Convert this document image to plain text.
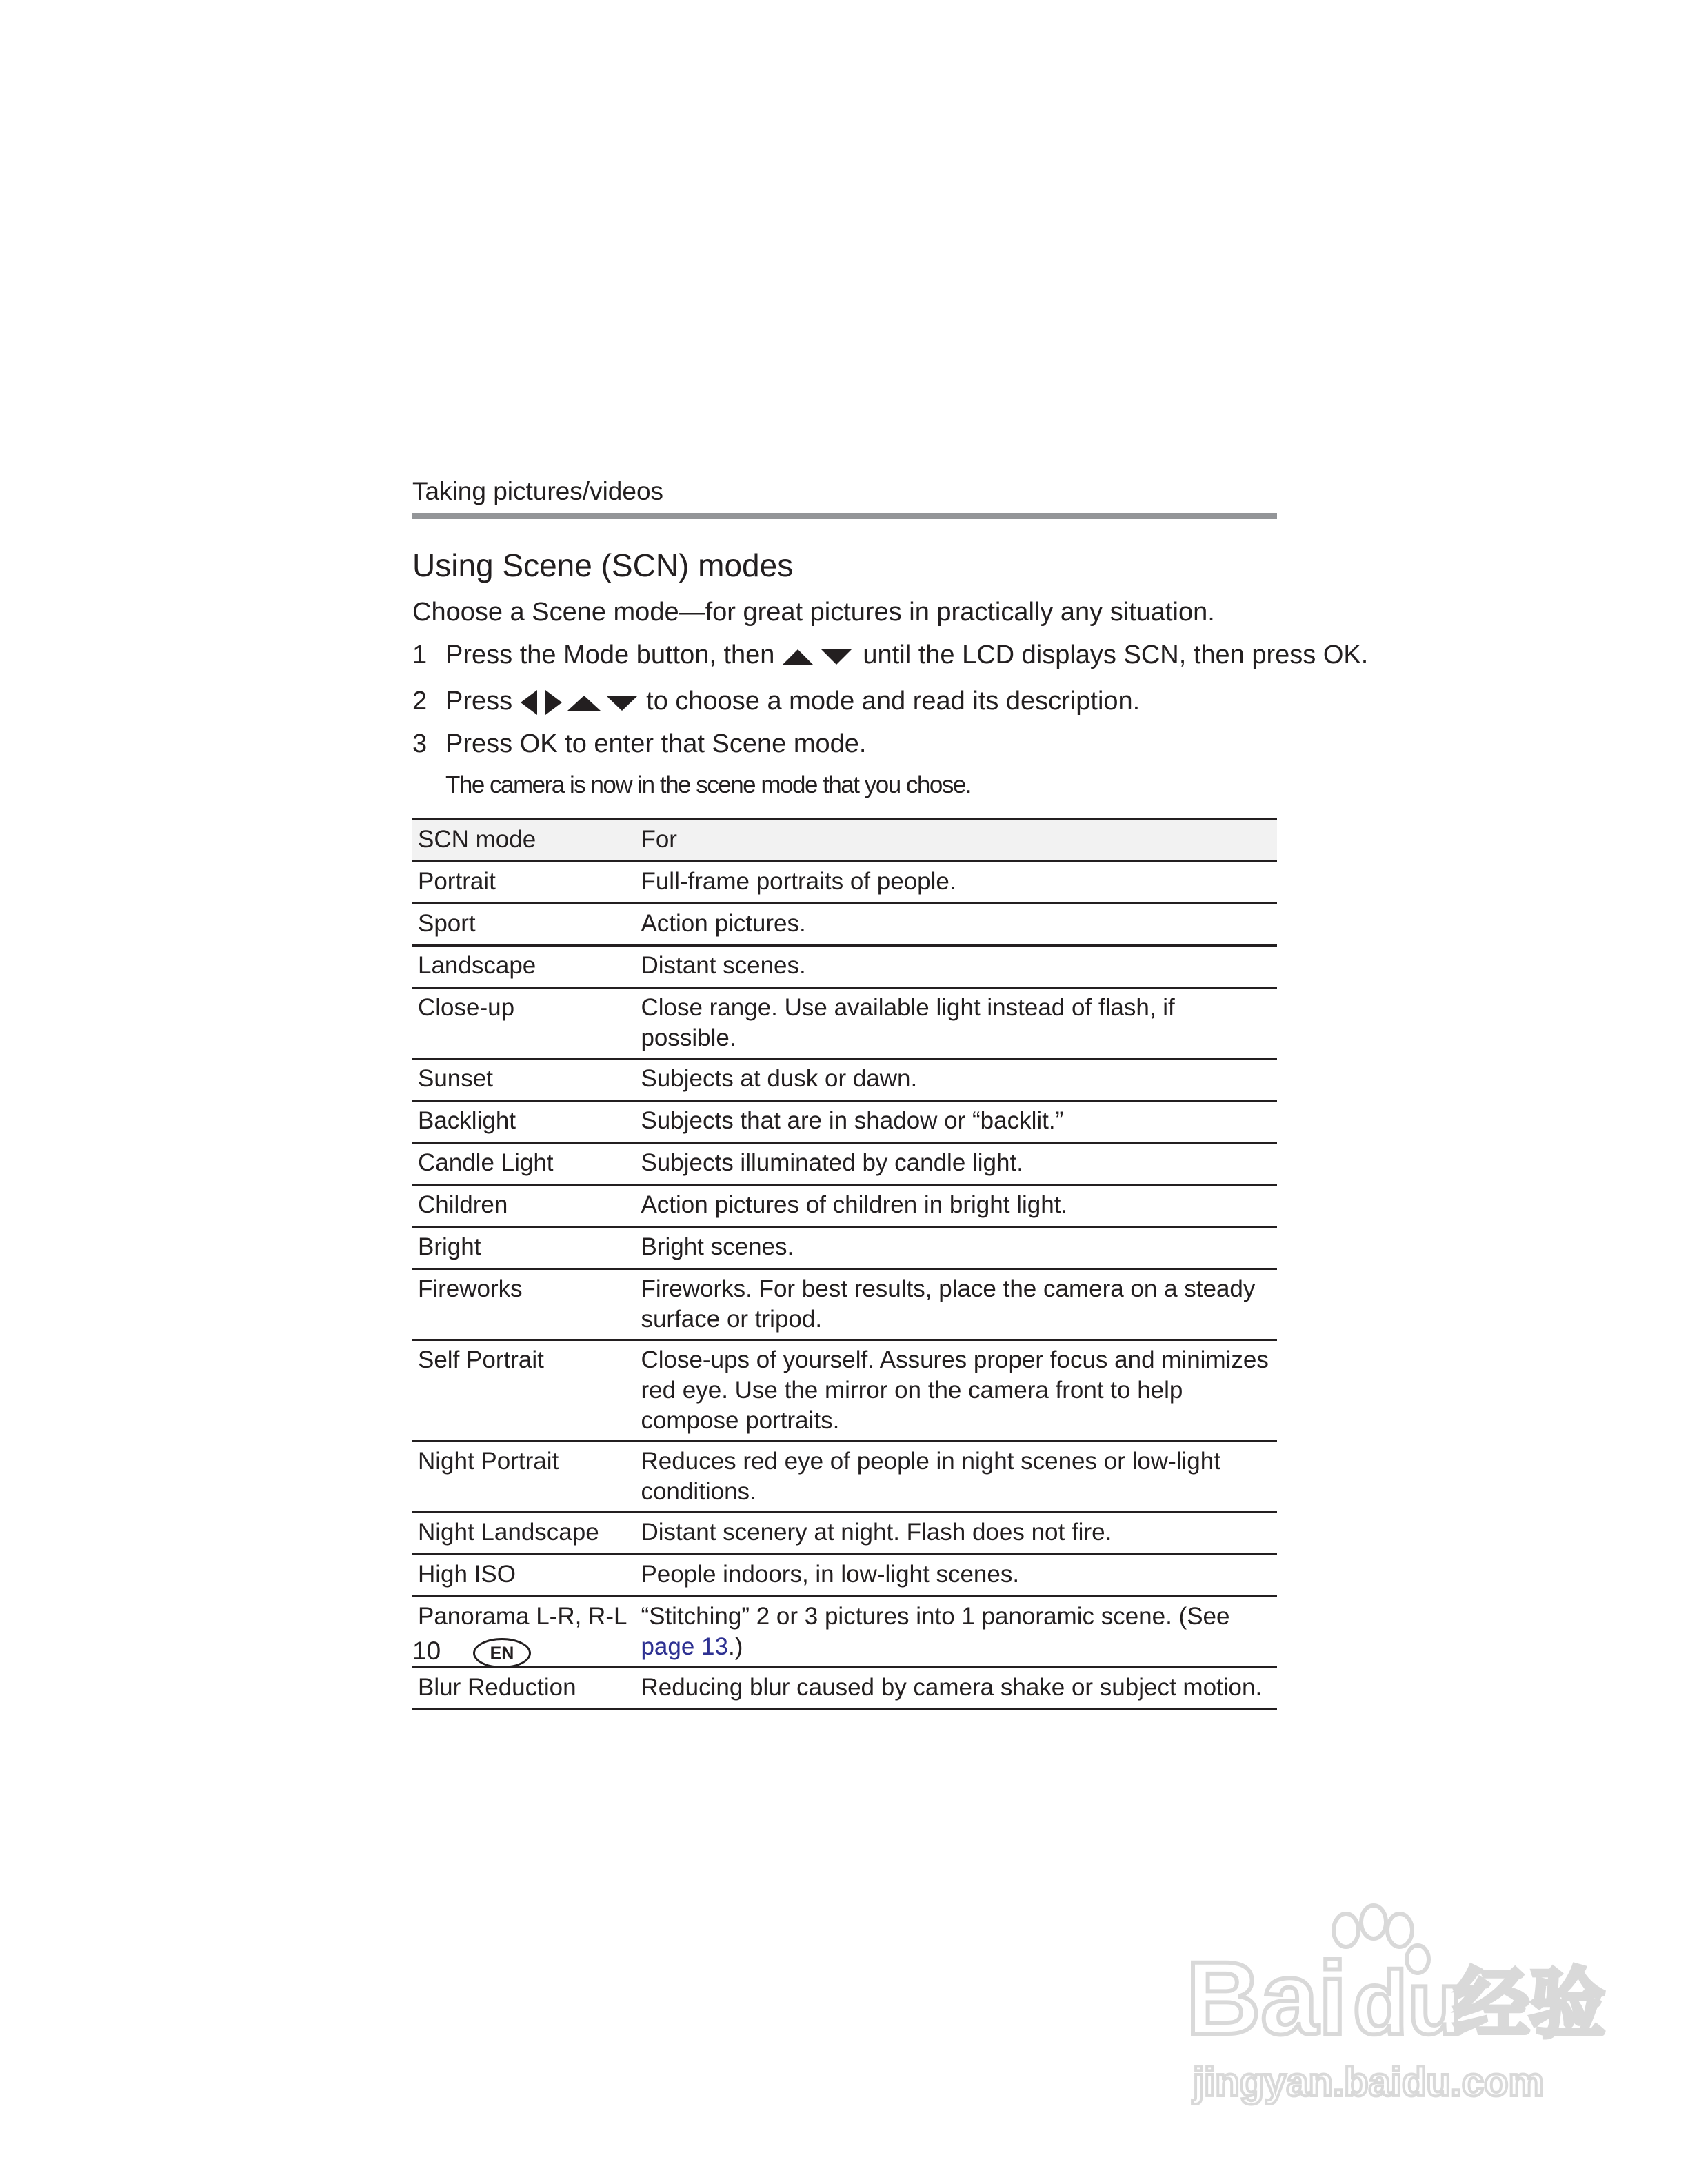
Taking pictures/videos
Using Scene (SCN) modes
Choose a Scene mode—for great pictures in practically any situation.
1 Press the Mode button, then	until the LCD displays SCN, then press OK.
2 Press	to choose a mode and read its description.
3 Press OK to enter that Scene mode.
The camera is now in the scene mode that you chose.
SCN mode	For
Portrait	Full-frame portraits of people.
Sport	Action pictures.
Landscape	Distant scenes.
Close-up	Close range. Use available light instead of flash, if possible.
Sunset	Subjects at dusk or dawn.
Backlight	Subjects that are in shadow or “backlit.”
Candle Light	Subjects illuminated by candle light.
Children	Action pictures of children in bright light.
Bright	Bright scenes.
Fireworks	Fireworks. For best results, place the camera on a steady surface or tripod.
Self Portrait	Close-ups of yourself. Assures proper focus and minimizes red eye. Use the mirror on the camera front to help compose portraits.
Night Portrait	Reduces red eye of people in night scenes or low-light conditions.
Night Landscape	Distant scenery at night. Flash does not fire.
High ISO	People indoors, in low-light scenes.
Panorama L-R, R-L	“Stitching” 2 or 3 pictures into 1 panoramic scene. (See page 13.)
Blur Reduction	Reducing blur caused by camera shake or subject motion.
10	EN
Bai du
经验
jingyan.baidu.com
